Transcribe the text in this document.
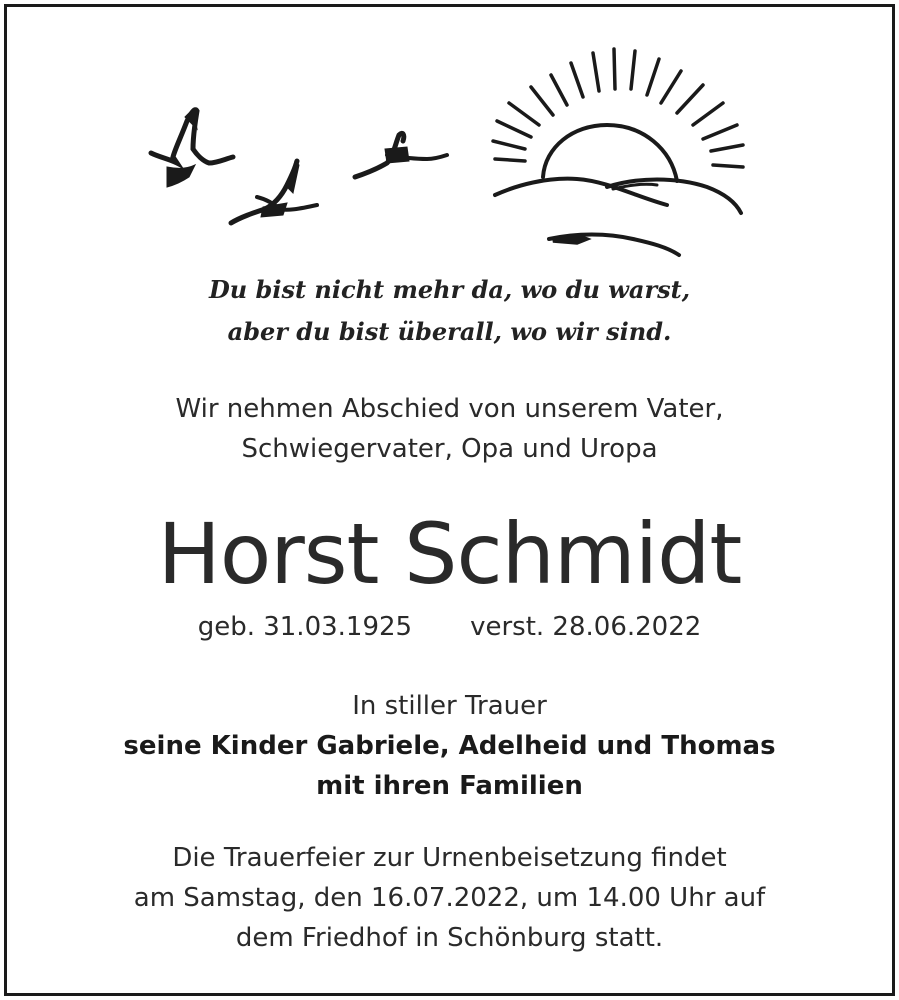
Du bist nicht mehr da, wo du warst,
aber du bist überall, wo wir sind.
Wir nehmen Abschied von unserem Vater,
Schwiegervater, Opa und Uropa
Horst Schmidt
geb. 31.03.1925 verst. 28.06.2022
In stiller Trauer
seine Kinder Gabriele, Adelheid und Thomas
mit ihren Familien
Die Trauerfeier zur Urnenbeisetzung findet
am Samstag, den 16.07.2022, um 14.00 Uhr auf
dem Friedhof in Schönburg statt.
